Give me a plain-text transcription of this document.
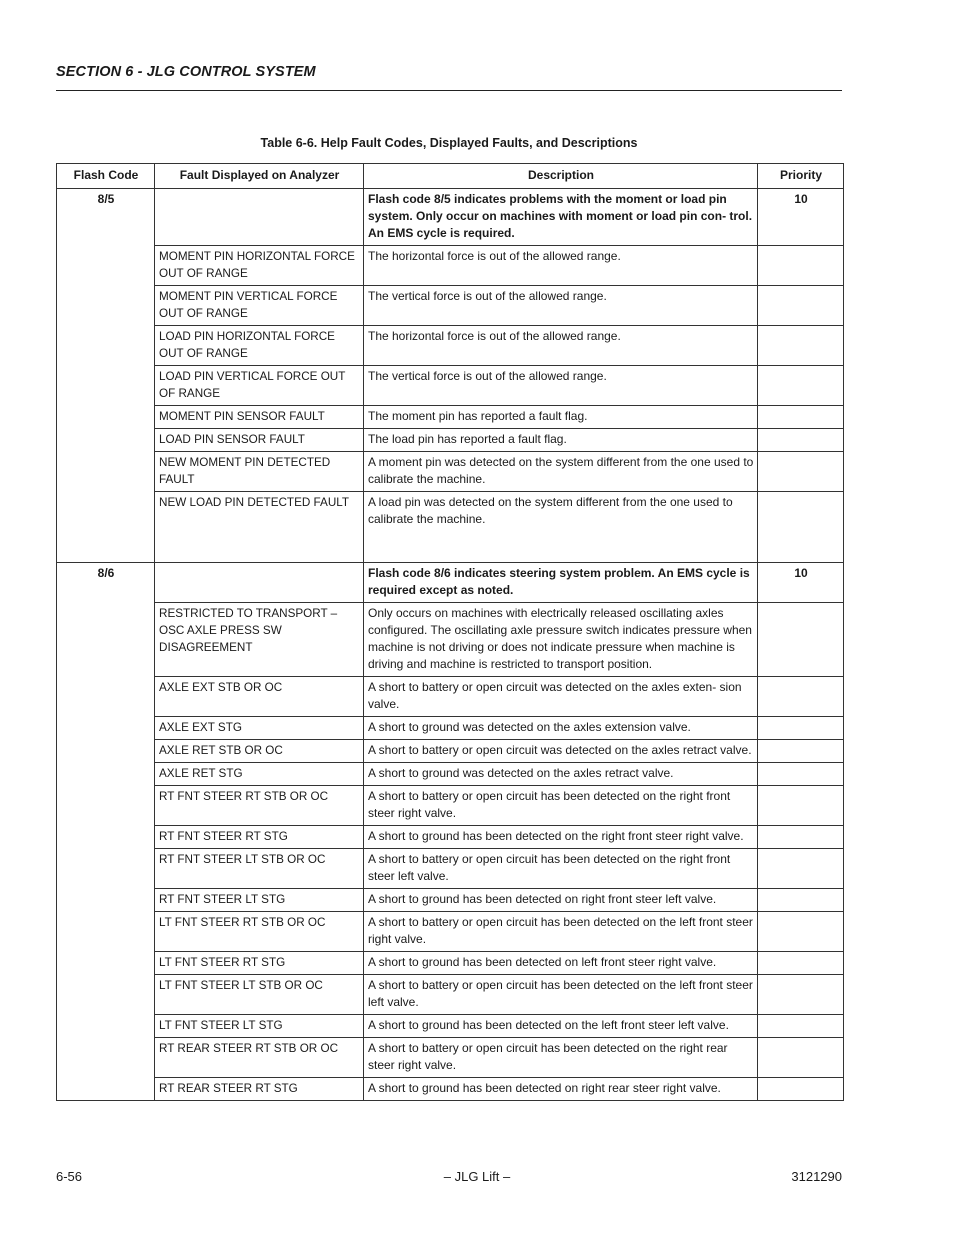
SECTION 6 - JLG CONTROL SYSTEM
Table 6-6. Help Fault Codes, Displayed Faults, and Descriptions
Flash Code	Fault Displayed on Analyzer	Description	Priority
8/5		Flash code 8/5 indicates problems with the moment or load pin system. Only occur on machines with moment or load pin con- trol. An EMS cycle is required.	10
	MOMENT PIN HORIZONTAL FORCE OUT OF RANGE	The horizontal force is out of the allowed range.	
	MOMENT PIN VERTICAL FORCE OUT OF RANGE	The vertical force is out of the allowed range.	
	LOAD PIN HORIZONTAL FORCE OUT OF RANGE	The horizontal force is out of the allowed range.	
	LOAD PIN VERTICAL FORCE OUT OF RANGE	The vertical force is out of the allowed range.	
	MOMENT PIN SENSOR FAULT	The moment pin has reported a fault flag.	
	LOAD PIN SENSOR FAULT	The load pin has reported a fault flag.	
	NEW MOMENT PIN DETECTED FAULT	A moment pin was detected on the system different from the one used to calibrate the machine.	
	NEW LOAD PIN DETECTED FAULT	A load pin was detected on the system different from the one used to calibrate the machine.	
8/6		Flash code 8/6 indicates steering system problem. An EMS cycle is required except as noted.	10
	RESTRICTED TO TRANSPORT – OSC AXLE PRESS SW DISAGREEMENT	Only occurs on machines with electrically released oscillating axles configured. The oscillating axle pressure switch indicates pressure when machine is not driving or does not indicate pressure when machine is driving and machine is restricted to transport position.	
	AXLE EXT STB OR OC	A short to battery or open circuit was detected on the axles exten- sion valve.	
	AXLE EXT STG	A short to ground was detected on the axles extension valve.	
	AXLE RET STB OR OC	A short to battery or open circuit was detected on the axles retract valve.	
	AXLE RET STG	A short to ground was detected on the axles retract valve.	
	RT FNT STEER RT STB OR OC	A short to battery or open circuit has been detected on the right front steer right valve.	
	RT FNT STEER RT STG	A short to ground has been detected on the right front steer right valve.	
	RT FNT STEER LT STB OR OC	A short to battery or open circuit has been detected on the right front steer left valve.	
	RT FNT STEER LT STG	A short to ground has been detected on right front steer left valve.	
	LT FNT STEER RT STB OR OC	A short to battery or open circuit has been detected on the left front steer right valve.	
	LT FNT STEER RT STG	A short to ground has been detected on left front steer right valve.	
	LT FNT STEER LT STB OR OC	A short to battery or open circuit has been detected on the left front steer left valve.	
	LT FNT STEER LT STG	A short to ground has been detected on the left front steer left valve.	
	RT REAR STEER RT STB OR OC	A short to battery or open circuit has been detected on the right rear steer right valve.	
	RT REAR STEER RT STG	A short to ground has been detected on right rear steer right valve.	
6-56	– JLG Lift –	3121290
